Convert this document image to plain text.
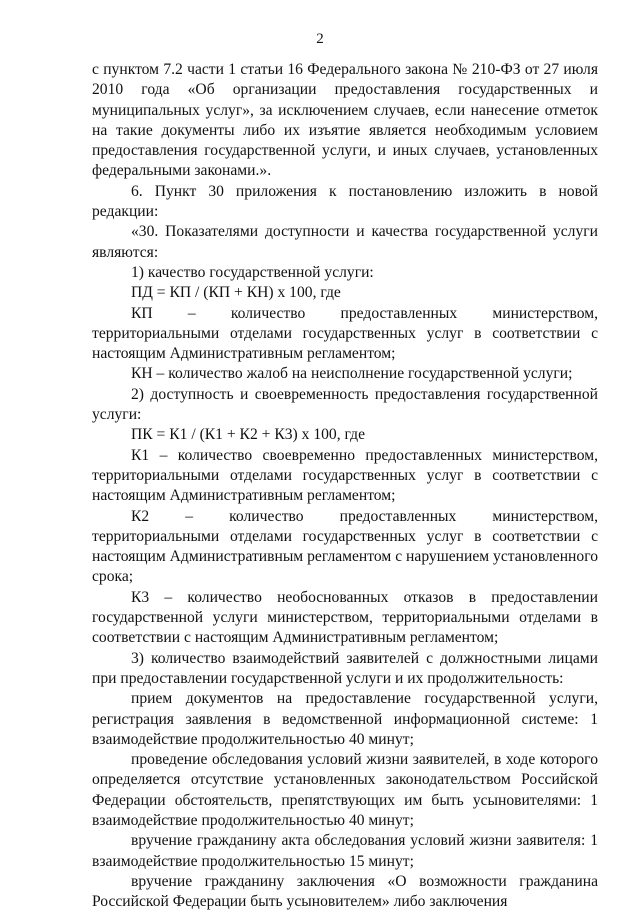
2

с пунктом 7.2 части 1 статьи 16 Федерального закона № 210-ФЗ от 27 июля 2010 года «Об организации предоставления государственных и муниципальных услуг», за исключением случаев, если нанесение отметок на такие документы либо их изъятие является необходимым условием предоставления государственной услуги, и иных случаев, установленных федеральными законами.».

6. Пункт 30 приложения к постановлению изложить в новой редакции:

«30. Показателями доступности и качества государственной услуги являются:

1) качество государственной услуги:

ПД = КП / (КП + КН) х 100, где

КП – количество предоставленных министерством, территориальными отделами государственных услуг в соответствии с настоящим Административным регламентом;

КН – количество жалоб на неисполнение государственной услуги;

2) доступность и своевременность предоставления государственной услуги:

ПК = К1 / (К1 + К2 + К3) х 100, где

К1 – количество своевременно предоставленных министерством, территориальными отделами государственных услуг в соответствии с настоящим Административным регламентом;

К2 – количество предоставленных министерством, территориальными отделами государственных услуг в соответствии с настоящим Административным регламентом с нарушением установленного срока;

К3 – количество необоснованных отказов в предоставлении государственной услуги министерством, территориальными отделами в соответствии с настоящим Административным регламентом;

3) количество взаимодействий заявителей с должностными лицами при предоставлении государственной услуги и их продолжительность:

прием документов на предоставление государственной услуги, регистрация заявления в ведомственной информационной системе: 1 взаимодействие продолжительностью 40 минут;

проведение обследования условий жизни заявителей, в ходе которого определяется отсутствие установленных законодательством Российской Федерации обстоятельств, препятствующих им быть усыновителями: 1 взаимодействие продолжительностью 40 минут;

вручение гражданину акта обследования условий жизни заявителя: 1 взаимодействие продолжительностью 15 минут;

вручение гражданину заключения «О возможности гражданина Российской Федерации быть усыновителем» либо заключения
